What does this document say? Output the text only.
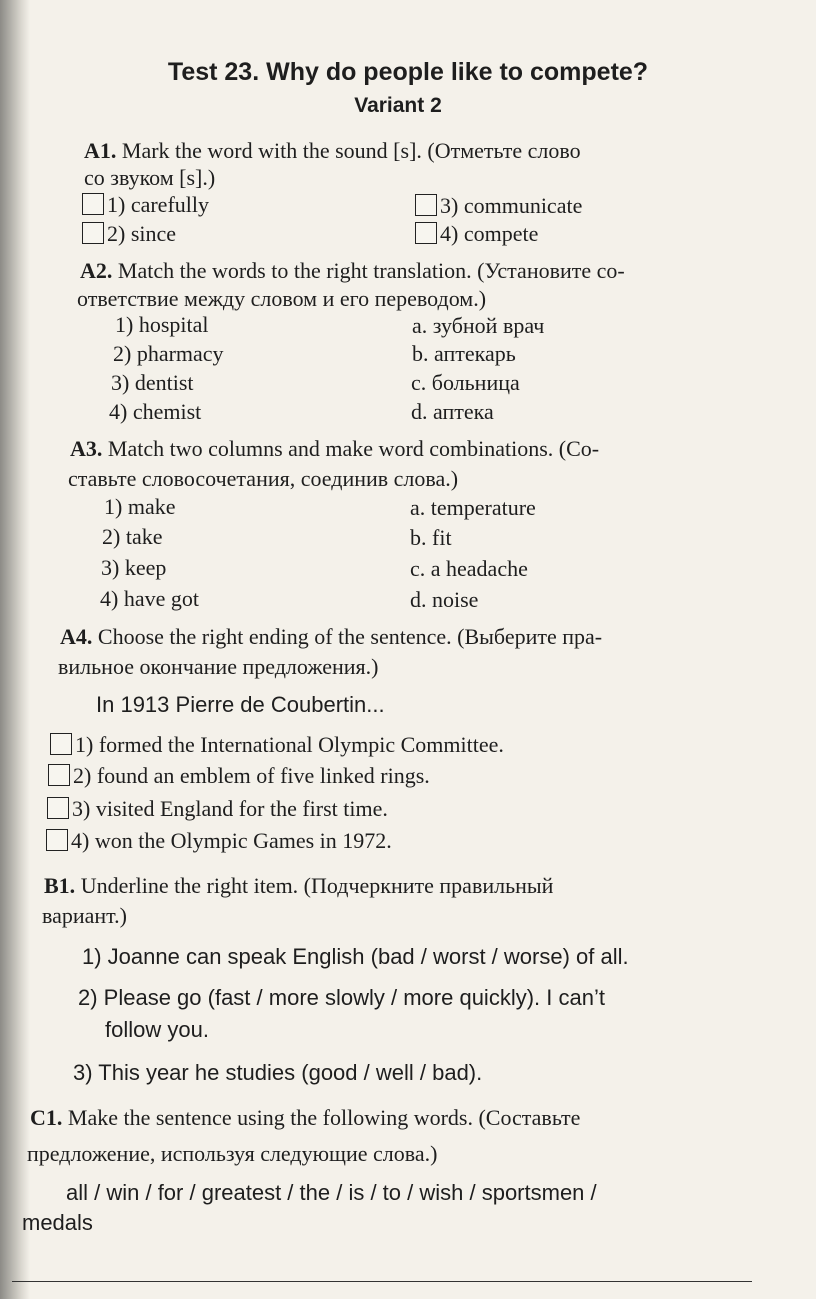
Test 23. Why do people like to compete?
Variant 2
A1. Mark the word with the sound [s]. (Отметьте слово
со звуком [s].)
1) carefully
2) since
3) communicate
4) compete
A2. Match the words to the right translation. (Установите со-
ответствие между словом и его переводом.)
1) hospital
2) pharmacy
3) dentist
4) chemist
a. зубной врач
b. аптекарь
c. больница
d. аптека
A3. Match two columns and make word combinations. (Со-
ставьте словосочетания, соединив слова.)
1) make
2) take
3) keep
4) have got
a. temperature
b. fit
c. a headache
d. noise
A4. Choose the right ending of the sentence. (Выберите пра-
вильное окончание предложения.)
In 1913 Pierre de Coubertin...
1) formed the International Olympic Committee.
2) found an emblem of five linked rings.
3) visited England for the first time.
4) won the Olympic Games in 1972.
B1. Underline the right item. (Подчеркните правильный
вариант.)
1) Joanne can speak English (bad / worst / worse) of all.
2) Please go (fast / more slowly / more quickly). I can’t
follow you.
3) This year he studies (good / well / bad).
C1. Make the sentence using the following words. (Составьте
предложение, используя следующие слова.)
all / win / for / greatest / the / is / to / wish / sportsmen /
medals
